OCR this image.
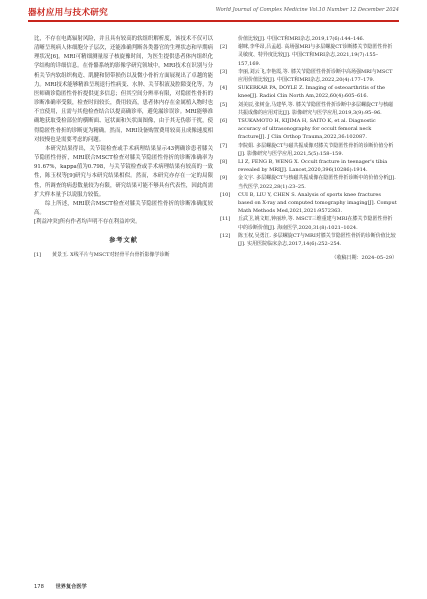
器材应用与技术研究	World Journal of Complex Medicine Vol.10 Number 12 December 2024

比，不存在电离辐射风险，并且具有较高的软组织解析度，该技术不仅可以清晰呈现病人体细胞分子层次，还能准确判断各类器官的生理状态和早期病理状况[6]。MRI可精细测量原子核旋豫时间，为医生提供患者体内组织化学结构的详细信息。在骨骼系统的影像学研究领域中，MRI技术在识别与分析关节内软组织构造、肌腱和韧带损伤以及微小骨折方面展现出了卓越的能力。MRI技术能够精准呈现退行性病变、水肿、关节积液及腔隙变化等，为医师确诊隐匿性骨折提供更多信息；但其空间分辨率有限，对隐匿性骨折的诊断准确率受限，检查时间较长，费用较高，患者体内存在金属植入物时也不宜使用，且需与其他检查结合以提高确诊率，避免漏诊误诊。MRI能够准确地获取受检部位的横断面、冠状面和矢状面图像，由于其无伪影干扰，使得隐匿性骨折的诊断更为精确。然而，MRI设备购置费用较高且成像速度相对较慢也是需要考虑的问题。

本研究结果得出，关节镜检查或手术病理结果显示43例确诊患者膝关节隐匿性骨折，MRI联合MSCT检查对膝关节隐匿性骨折的诊断准确率为91.67%，kappa值为0.798，与关节镜检查或手术病理结果有较高的一致性，陈玉权等[9]研究与本研究结果相似。然而，本研究亦存在一定的局限性，所调查的病患数量较为有限，研究结果可能不够具有代表性，因此尚需扩大样本量予以说服力较低。

综上所述，MRI联合MSCT检查对膝关节隐匿性骨折的诊断准确度较高。

[利益冲突]所有作者均声明不存在利益冲突。

参考文献

[1] 黄景玉. X线平片与MSCT对轻骨平台骨折影像学诊断

价值比较[J]. 中国CT和MRI杂志,2019,17(6):144–146.

[2] 谢咪,李华昂,吕孟超. 高场强MRI与多层螺旋CT诊断膝关节隐匿性骨折灵敏度、特异度比较[J]. 中国CT和MRI杂志,2021,19(7):155–157,169.

[3] 李丽,刘云飞,李艳霞,等. 膝关节隐匿性骨折诊断中高场强MRI与MSCT应用价值比较[J]. 中国CT和MRI杂志,2022,20(4):177–179.

[4] SUKERKAR PA, DOYLE Z. Imaging of osteoarthritis of the knee[J]. Radiol Clin North Am,2022,60(4):605–616.

[5] 刘美辰,张树金,马建华,等. 膝关节隐匿性骨折诊断中多层螺旋CT与核磁共振成像的应用对比[J]. 影像研究与医学应用,2019,3(9):95–96.

[6] TSUKAMOTO H, KIJIMA H, SAITO K, et al. Diagnostic accuracy of ultrasonography for occult femoral neck fracture[J]. J Clin Orthop Trauma,2022,36:102087.

[7] 李院娟. 多层螺旋CT与磁共振成像对膝关节隐匿性骨折的诊断价值分析[J]. 影像研究与医学应用,2021,5(5):158–159.

[8] LI Z, FENG B, WENG X. Occult fracture in teenager's tibia revealed by MRI[J]. Lancet,2020,396(10286):1914.

[9] 金文宇. 多层螺旋CT与核磁共振成像在隐匿性骨折诊断中的价值分析[J]. 当代医学,2022,28(1):23–25.

[10] CUI B, LIU Y, CHEN S. Analysis of sports knee fractures based on X-ray and computed tomography imaging[J]. Comput Math Methods Med,2021,2021:9572363.

[11] 丘武卫,姚文虹,钟丽珍,等. MSCT三维重建与MRI在膝关节隐匿性骨折中的诊断价值[J]. 海南医学,2020,31(8):1021–1024.

[12] 陈玉权,吴勇江. 多层螺旋CT与MRI对膝关节隐匿性骨折的诊断价值比较[J]. 实用医院临床杂志,2017,14(6):252–254.

（收稿日期：2024–05–29）
178 世界复合医学
